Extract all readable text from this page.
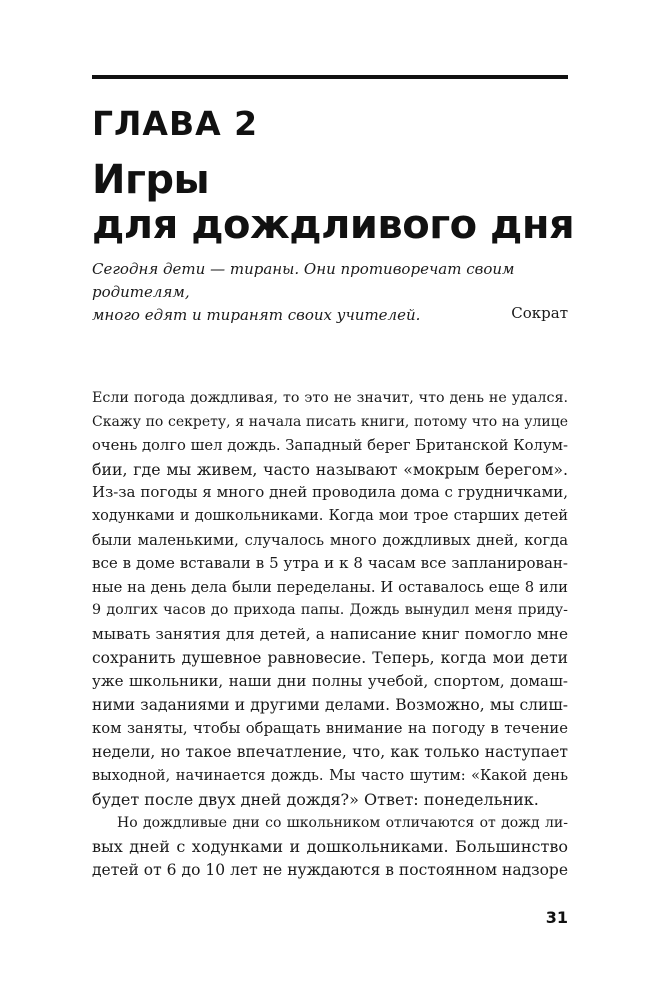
ГЛАВА 2
Игры
для дождливого дня
Сегодня дети — тираны. Они противоречат своим родителям,
много едят и тиранят своих учителей.	Сократ
Если погода дождливая, то это не значит, что день не удался.
Скажу по секрету, я начала писать книги, потому что на улице
очень долго шел дождь. Западный берег Британской Колум-
бии, где мы живем, часто называют «мокрым берегом».
Из-за погоды я много дней проводила дома с грудничками,
ходунками и дошкольниками. Когда мои трое старших детей
были маленькими, случалось много дождливых дней, когда
все в доме вставали в 5 утра и к 8 часам все запланирован-
ные на день дела были переделаны. И оставалось еще 8 или
9 долгих часов до прихода папы. Дождь вынудил меня приду-
мывать занятия для детей, а написание книг помогло мне
сохранить душевное равновесие. Теперь, когда мои дети
уже школьники, наши дни полны учебой, спортом, домаш-
ними заданиями и другими делами. Возможно, мы слиш-
ком заняты, чтобы обращать внимание на погоду в течение
недели, но такое впечатление, что, как только наступает
выходной, начинается дождь. Мы часто шутим: «Какой день
будет после двух дней дождя?» Ответ: понедельник.
Но дождливые дни со школьником отличаются от дожд ли-
вых дней с ходунками и дошкольниками. Большинство
детей от 6 до 10 лет не нуждаются в постоянном надзоре
31
